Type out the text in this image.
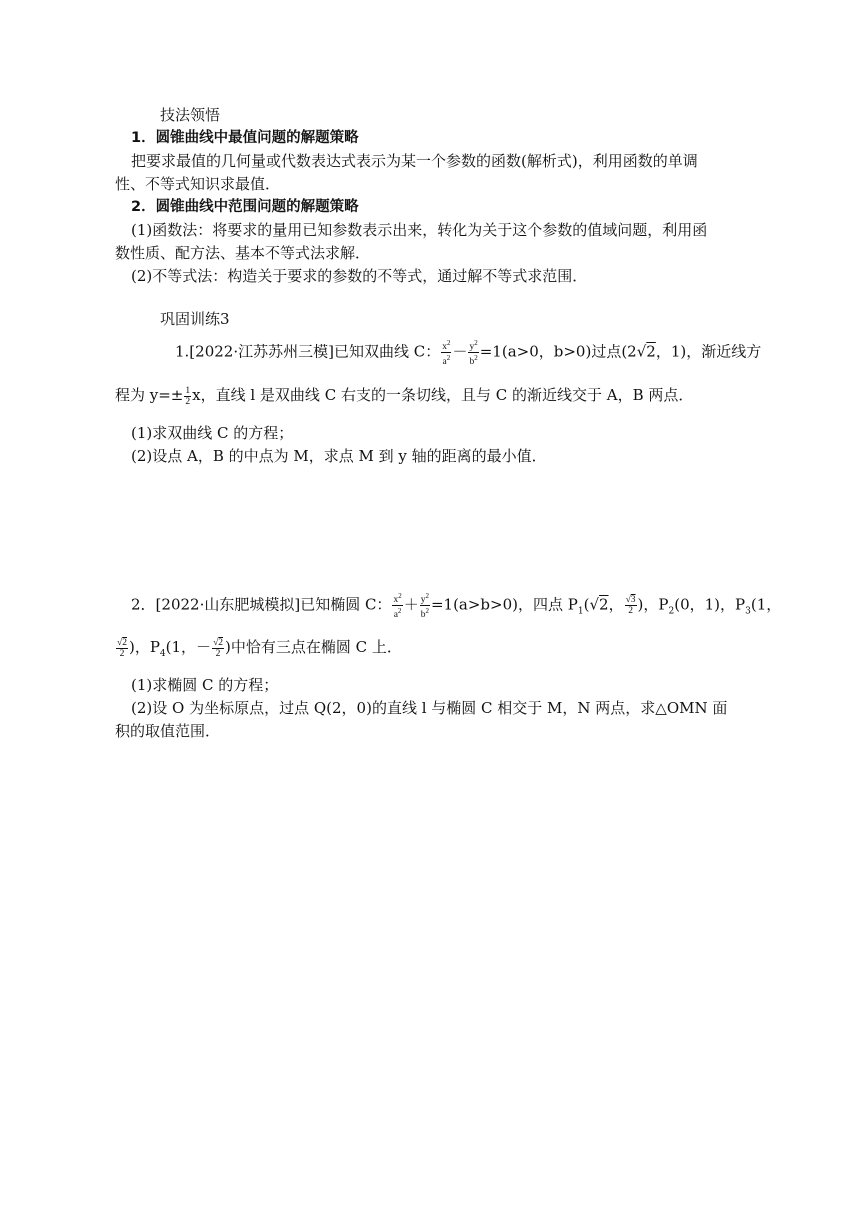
技法领悟
1．圆锥曲线中最值问题的解题策略
把要求最值的几何量或代数表达式表示为某一个参数的函数(解析式)，利用函数的单调
性、不等式知识求最值．
2．圆锥曲线中范围问题的解题策略
(1)函数法：将要求的量用已知参数表示出来，转化为关于这个参数的值域问题，利用函
数性质、配方法、基本不等式法求解．
(2)不等式法：构造关于要求的参数的不等式，通过解不等式求范围．
巩固训练3
1.[2022·江苏苏州三模]已知双曲线 C： $\frac{x^2}{a^2} - \frac{y^2}{b^2} =1(a>0$，b>0)过点(2√2，1)，渐近线方
程为 $y=\pm \frac{1}{2}$ x，直线 l 是双曲线 C 右支的一条切线，且与 C 的渐近线交于 A，B 两点．
(1)求双曲线 C 的方程；
(2)设点 A，B 的中点为 M，求点 M 到 y 轴的距离的最小值．
2．[2022·山东肥城模拟]已知椭圆 C： $\frac{x^2}{a^2} + \frac{y^2}{b^2} =1(a>b>0)$，四点 $P_1(√2$， $\frac{√3}{2}$ )，$P_2(0$，1)，$P_3(1$，
$\frac{√2}{2}$ )，$P_4(1$，－ $\frac{√2}{2}$ )中恰有三点在椭圆 C 上．
(1)求椭圆 C 的方程；
(2)设 O 为坐标原点，过点 Q(2，0)的直线 l 与椭圆 C 相交于 M，N 两点，求△OMN 面
积的取值范围．
